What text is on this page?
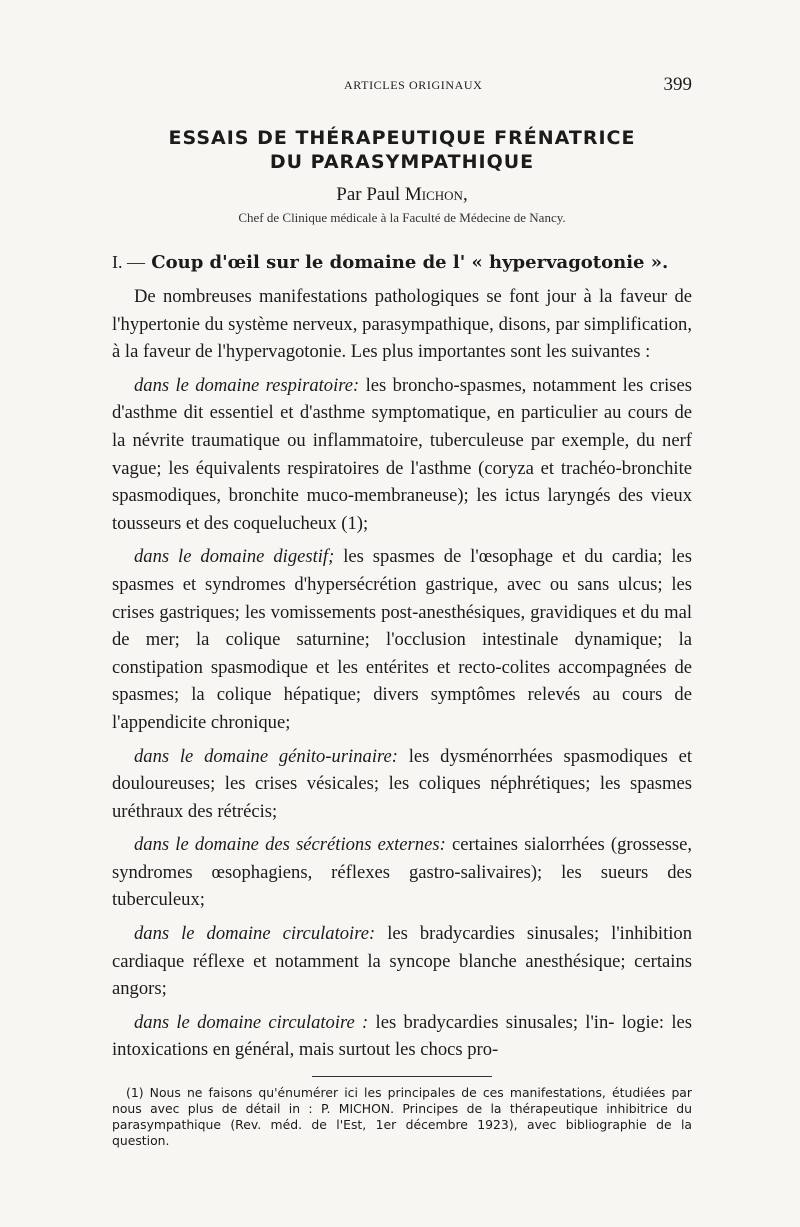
ARTICLES ORIGINAUX	399
ESSAIS DE THÉRAPEUTIQUE FRÉNATRICE
DU PARASYMPATHIQUE
Par Paul Michon,
Chef de Clinique médicale à la Faculté de Médecine de Nancy.
I. — Coup d'œil sur le domaine de l' « hypervagotonie ».

De nombreuses manifestations pathologiques se font jour à la faveur de l'hypertonie du système nerveux, parasympathique, disons, par simplification, à la faveur de l'hypervagotonie. Les plus importantes sont les suivantes :

dans le domaine respiratoire: les broncho-spasmes, notamment les crises d'asthme dit essentiel et d'asthme symptomatique, en particulier au cours de la névrite traumatique ou inflammatoire, tuberculeuse par exemple, du nerf vague; les équivalents respiratoires de l'asthme (coryza et trachéo-bronchite spasmodiques, bronchite muco-membraneuse); les ictus laryngés des vieux tousseurs et des coquelucheux (1);

dans le domaine digestif; les spasmes de l'œsophage et du cardia; les spasmes et syndromes d'hypersécrétion gastrique, avec ou sans ulcus; les crises gastriques; les vomissements post-anesthésiques, gravidiques et du mal de mer; la colique saturnine; l'occlusion intestinale dynamique; la constipation spasmodique et les entérites et recto-colites accompagnées de spasmes; la colique hépatique; divers symptômes relevés au cours de l'appendicite chronique;

dans le domaine génito-urinaire: les dysménorrhées spasmodiques et douloureuses; les crises vésicales; les coliques néphrétiques; les spasmes uréthraux des rétrécis;

dans le domaine des sécrétions externes: certaines sialorrhées (grossesse, syndromes œsophagiens, réflexes gastro-salivaires); les sueurs des tuberculeux;

dans le domaine circulatoire: les bradycardies sinusales; l'inhibition cardiaque réflexe et notamment la syncope blanche anesthésique; certains angors;

dans le domaine circulatoire : les bradycardies sinusales; l'in- logie: les intoxications en général, mais surtout les chocs pro-

(1) Nous ne faisons qu'énumérer ici les principales de ces manifestations, étudiées par nous avec plus de détail in : P. MICHON. Principes de la thérapeutique inhibitrice du parasympathique (Rev. méd. de l'Est, 1er décembre 1923), avec bibliographie de la question.
